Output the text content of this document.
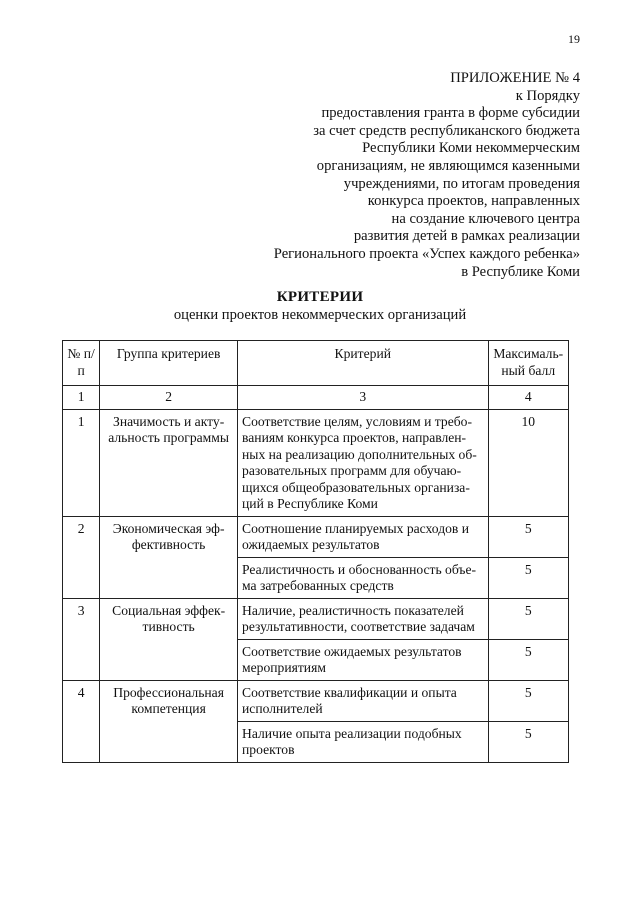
19
ПРИЛОЖЕНИЕ № 4
к Порядку
предоставления гранта в форме субсидии
за счет средств республиканского бюджета
Республики Коми некоммерческим
организациям, не являющимся казенными
учреждениями, по итогам проведения
конкурса проектов, направленных
на создание ключевого центра
развития детей в рамках реализации
Регионального проекта «Успех каждого ребенка»
в Республике Коми
КРИТЕРИИ
оценки проектов некоммерческих организаций
№ п/п	Группа критериев	Критерий	Максималь-ный балл
1	2	3	4
1	Значимость и акту-альность программы	Соответствие целям, условиям и требо-ваниям конкурса проектов, направлен-ных на реализацию дополнительных об-разовательных программ для обучаю-щихся общеобразовательных организа-ций в Республике Коми	10
2	Экономическая эф-фективность	Соотношение планируемых расходов и ожидаемых результатов	5
		Реалистичность и обоснованность объе-ма затребованных средств	5
3	Социальная эффек-тивность	Наличие, реалистичность показателей результативности, соответствие задачам	5
		Соответствие ожидаемых результатов мероприятиям	5
4	Профессиональная компетенция	Соответствие квалификации и опыта исполнителей	5
		Наличие опыта реализации подобных проектов	5
